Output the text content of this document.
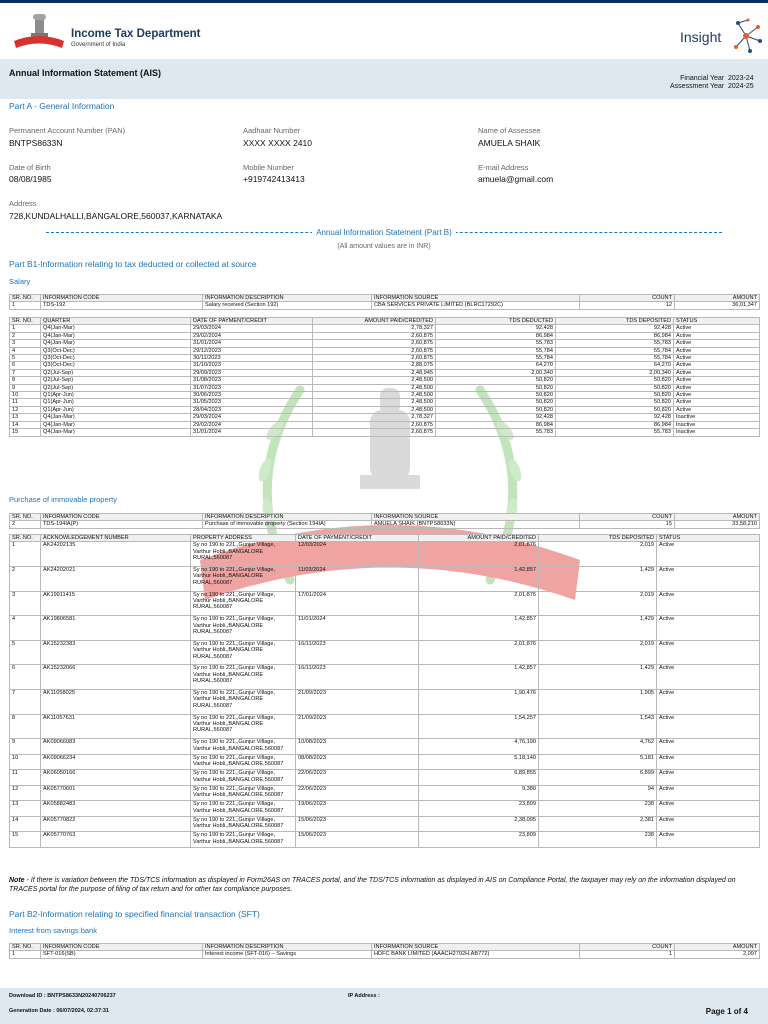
Income Tax Department
Government of India	Insight
Annual Information Statement (AIS)
Financial Year 2023-24
Assessment Year 2024-25
Part A - General Information
Permanent Account Number (PAN)
BNTPS8633N
Aadhaar Number
XXXX XXXX 2410
Name of Assessee
AMUELA SHAIK
Date of Birth
08/08/1985
Mobile Number
+919742413413
E-mail Address
amuela@gmail.com
Address
728,KUNDALHALLI,BANGALORE,560037,KARNATAKA
Annual Information Statement (Part B)
(All amount values are in INR)
Part B1-Information relating to tax deducted or collected at source
Salary
SR. NO.	INFORMATION CODE	INFORMATION DESCRIPTION	INFORMATION SOURCE	COUNT	AMOUNT
1	TDS-192	Salary received (Section 192)	CBA SERVICES PRIVATE LIMITED (BLRC17292C)	12	36,01,347
SR. NO.	QUARTER	DATE OF PAYMENT/CREDIT	AMOUNT PAID/CREDITED	TDS DEDUCTED	TDS DEPOSITED	STATUS
1	Q4(Jan-Mar)	29/03/2024	2,78,327	92,428	92,428	Active
2	Q4(Jan-Mar)	29/02/2024	2,60,875	86,984	86,984	Active
3	Q4(Jan-Mar)	31/01/2024	2,60,875	55,783	55,783	Active
4	Q3(Oct-Dec)	29/12/2023	2,60,875	55,784	55,784	Active
5	Q3(Oct-Dec)	30/11/2023	2,60,875	55,784	55,784	Active
6	Q3(Oct-Dec)	31/10/2023	2,88,075	64,270	64,270	Active
7	Q2(Jul-Sep)	29/09/2023	2,48,945	2,00,340	2,00,340	Active
8	Q2(Jul-Sep)	31/08/2023	2,48,500	50,820	50,820	Active
9	Q2(Jul-Sep)	31/07/2023	2,48,500	50,820	50,820	Active
10	Q1(Apr-Jun)	30/06/2023	2,48,500	50,820	50,820	Active
11	Q1(Apr-Jun)	31/05/2023	2,48,500	50,820	50,820	Active
12	Q1(Apr-Jun)	28/04/2023	2,48,500	50,820	50,820	Active
13	Q4(Jan-Mar)	29/03/2024	2,78,327	92,428	92,428	Inactive
14	Q4(Jan-Mar)	29/02/2024	2,60,875	86,984	86,984	Inactive
15	Q4(Jan-Mar)	31/01/2024	2,60,875	55,783	55,783	Inactive
Purchase of immovable property
SR. NO.	INFORMATION CODE	INFORMATION DESCRIPTION	INFORMATION SOURCE	COUNT	AMOUNT
2	TDS-194IA(P)	Purchase of immovable property (Section 194IA)	AMUELA SHAIK (BNTPS8633N)	15	33,58,210
SR. NO.	ACKNOWLEDGEMENT NUMBER	PROPERTY ADDRESS	DATE OF PAYMENT/CREDIT	AMOUNT PAID/CREDITED	TDS DEPOSITED	STATUS
1	AK24202135	Sy no 190 to 221,,Gunjur Village, Varthur Hobli,,BANGALORE RURAL,560087	12/03/2024	2,01,876	2,019	Active
2	AK24202021	Sy no 190 to 221,,Gunjur Village, Varthur Hobli,,BANGALORE RURAL,560087	11/03/2024	1,42,857	1,429	Active
3	AK19911415	Sy no 190 to 221,,Gunjur Village, Varthur Hobli,,BANGALORE RURAL,560087	17/01/2024	2,01,876	2,019	Active
4	AK19806581	Sy no 190 to 221,,Gunjur Village, Varthur Hobli,,BANGALORE RURAL,560087	11/01/2024	1,42,857	1,429	Active
5	AK15232383	Sy no 190 to 221,,Gunjur Village, Varthur Hobli,,BANGALORE RURAL,560087	16/11/2023	2,01,876	2,019	Active
6	AK15232066	Sy no 190 to 221,,Gunjur Village, Varthur Hobli,,BANGALORE RURAL,560087	16/11/2023	1,42,857	1,429	Active
7	AK11058025	Sy no 190 to 221,,Gunjur Village, Varthur Hobli,,BANGALORE RURAL,560087	21/09/2023	1,90,476	1,905	Active
8	AK11057631	Sy no 190 to 221,,Gunjur Village, Varthur Hobli,,BANGALORE RURAL,560087	21/09/2023	1,54,257	1,543	Active
9	AK09066083	Sy no 190 to 221,,Gunjur Village, Varthur Hobli,,BANGALORE,560087	10/08/2023	4,76,190	4,762	Active
10	AK09066234	Sy no 190 to 221,,Gunjur Village, Varthur Hobli,,BANGALORE,560087	08/08/2023	5,18,140	5,181	Active
11	AK06050166	Sy no 190 to 221,,Gunjur Village, Varthur Hobli,,BANGALORE,560087	22/06/2023	6,89,855	6,899	Active
12	AK05770601	Sy no 190 to 221,,Gunjur Village, Varthur Hobli,,BANGALORE,560087	22/06/2023	9,380	94	Active
13	AK05882483	Sy no 190 to 221,,Gunjur Village, Varthur Hobli,,BANGALORE,560087	19/06/2023	23,809	238	Active
14	AK05770822	Sy no 190 to 221,,Gunjur Village, Varthur Hobli,,BANGALORE,560087	15/06/2023	2,38,095	2,381	Active
15	AK05770763	Sy no 190 to 221,,Gunjur Village, Varthur Hobli,,BANGALORE,560087	15/06/2023	23,809	238	Active
Note - If there is variation between the TDS/TCS information as displayed in Form26AS on TRACES portal, and the TDS/TCS information as displayed in AIS on Compliance Portal, the taxpayer may rely on the information displayed on TRACES portal for the purpose of filing of tax return and for other tax compliance purposes.
Part B2-Information relating to specified financial transaction (SFT)
Interest from savings bank
SR. NO.	INFORMATION CODE	INFORMATION DESCRIPTION	INFORMATION SOURCE	COUNT	AMOUNT
1	SFT-016(SB)	Interest income (SFT-016) – Savings	HDFC BANK LIMITED (AAACH2702H.AB772)	1	2,097
Download ID : BNTPS8633N20240706237	IP Address :
Generation Date : 06/07/2024, 02:37:31	Page 1 of 4
